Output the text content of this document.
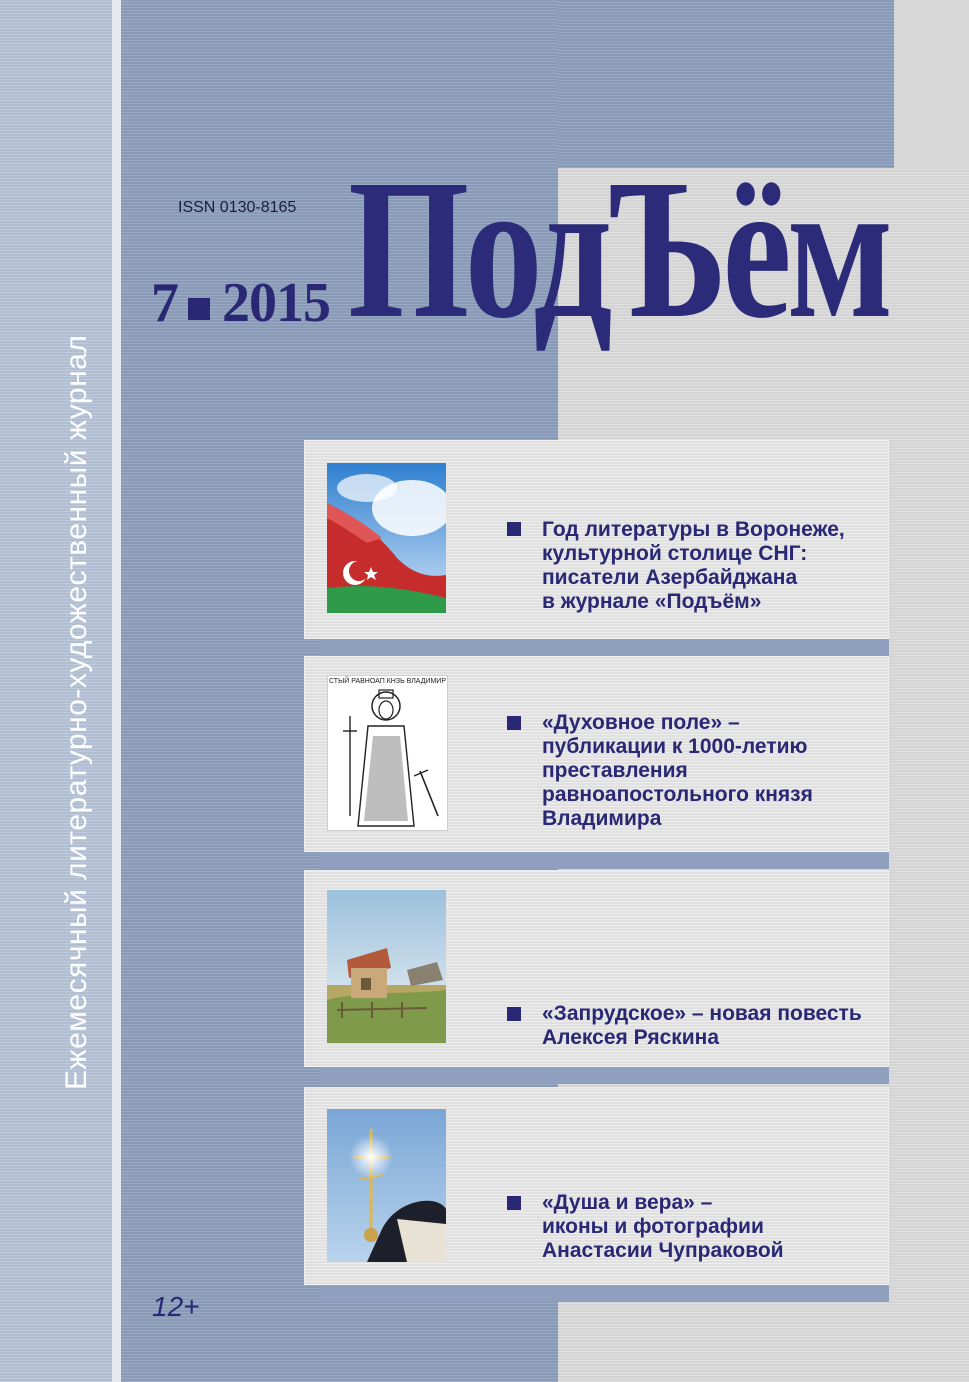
Ежемесячный литературно-художественный журнал
ISSN 0130-8165
7 2015 ПодЪём
Год литературы в Воронеже,
культурной столице СНГ:
писатели Азербайджана
в журнале «Подъём»
СТЫЙ РАВНОАП КНЗЬ ВЛАДИМИР
«Духовное поле» –
публикации к 1000-летию
преставления
равноапостольного князя
Владимира
«Запрудское» – новая повесть
Алексея Ряскина
«Душа и вера» –
иконы и фотографии
Анастасии Чупраковой
12+
